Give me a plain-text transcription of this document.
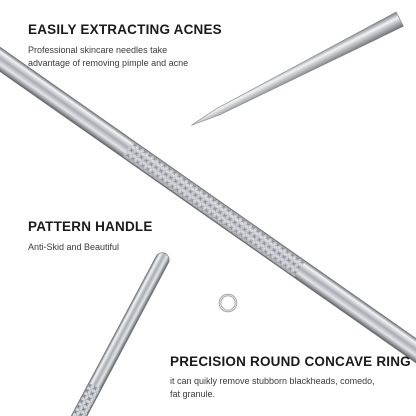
EASILY EXTRACTING ACNES

Professional skincare needles take
advantage of removing pimple and acne

PATTERN HANDLE

Anti-Skid and Beautiful

PRECISION ROUND CONCAVE RING

it can quikly remove stubborn blackheads, comedo,
fat granule.
